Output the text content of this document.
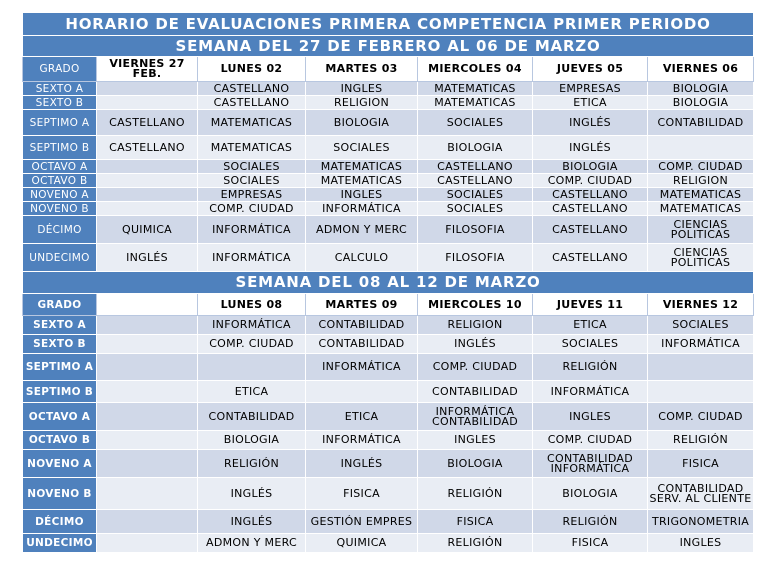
HORARIO DE EVALUACIONES PRIMERA COMPETENCIA PRIMER PERIODO						
SEMANA DEL 27 DE FEBRERO AL 06 DE MARZO						
GRADO	VIERNES 27 FEB.	LUNES 02	MARTES 03	MIERCOLES 04	JUEVES 05	VIERNES 06
SEXTO A		CASTELLANO	INGLES	MATEMATICAS	EMPRESAS	BIOLOGIA
SEXTO B		CASTELLANO	RELIGION	MATEMATICAS	ETICA	BIOLOGIA
SEPTIMO A	CASTELLANO	MATEMATICAS	BIOLOGIA	SOCIALES	INGLÉS	CONTABILIDAD
SEPTIMO B	CASTELLANO	MATEMATICAS	SOCIALES	BIOLOGIA	INGLÉS	
OCTAVO A		SOCIALES	MATEMATICAS	CASTELLANO	BIOLOGIA	COMP. CIUDAD
OCTAVO B		SOCIALES	MATEMATICAS	CASTELLANO	COMP. CIUDAD	RELIGION
NOVENO A		EMPRESAS	INGLES	SOCIALES	CASTELLANO	MATEMATICAS
NOVENO B		COMP. CIUDAD	INFORMÁTICA	SOCIALES	CASTELLANO	MATEMATICAS
DÉCIMO	QUIMICA	INFORMÁTICA	ADMON Y MERC	FILOSOFIA	CASTELLANO	CIENCIAS POLITICAS
UNDECIMO	INGLÉS	INFORMÁTICA	CALCULO	FILOSOFIA	CASTELLANO	CIENCIAS POLITICAS
SEMANA DEL 08 AL 12 DE MARZO						
GRADO		LUNES 08	MARTES 09	MIERCOLES 10	JUEVES 11	VIERNES 12
SEXTO A		INFORMÁTICA	CONTABILIDAD	RELIGION	ETICA	SOCIALES
SEXTO B		COMP. CIUDAD	CONTABILIDAD	INGLÉS	SOCIALES	INFORMÁTICA
SEPTIMO A			INFORMÁTICA	COMP. CIUDAD	RELIGIÓN	
SEPTIMO B		ETICA		CONTABILIDAD	INFORMÁTICA	
OCTAVO A		CONTABILIDAD	ETICA	INFORMÁTICA CONTABILIDAD	INGLES	COMP. CIUDAD
OCTAVO B		BIOLOGIA	INFORMÁTICA	INGLES	COMP. CIUDAD	RELIGIÓN
NOVENO A		RELIGIÓN	INGLÉS	BIOLOGIA	CONTABILIDAD INFORMÁTICA	FISICA
NOVENO B		INGLÉS	FISICA	RELIGIÓN	BIOLOGIA	CONTABILIDAD SERV. AL CLIENTE
DÉCIMO		INGLÉS	GESTIÓN EMPRES	FISICA	RELIGIÓN	TRIGONOMETRIA
UNDECIMO		ADMON Y MERC	QUIMICA	RELIGIÓN	FISICA	INGLES
